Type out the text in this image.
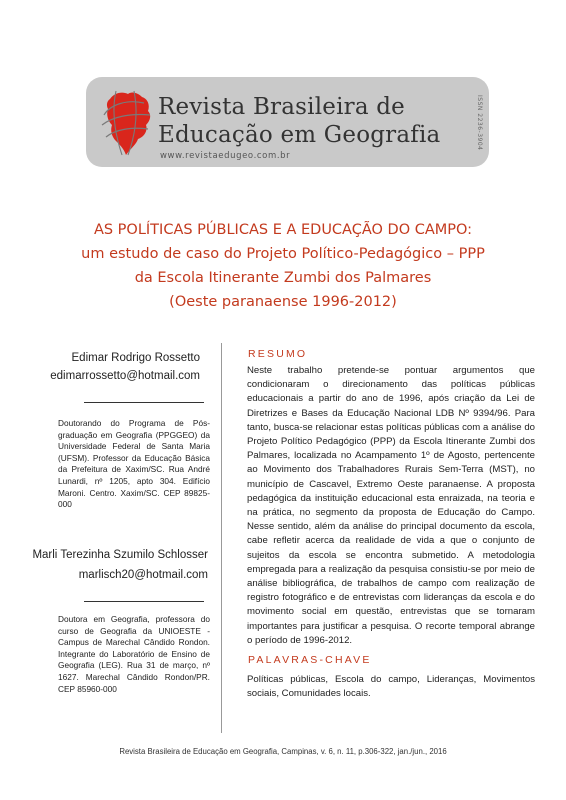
Revista Brasileira de Educação em Geografia
www.revistaedugeo.com.br
ISSN 2236-3904
AS POLÍTICAS PÚBLICAS E A EDUCAÇÃO DO CAMPO:
um estudo de caso do Projeto Político-Pedagógico – PPP
da Escola Itinerante Zumbi dos Palmares
(Oeste paranaense 1996-2012)
Edimar Rodrigo Rossetto
edimarrossetto@hotmail.com
Doutorando do Programa de Pós-graduação em Geografia (PPGGEO) da Universidade Federal de Santa Maria (UFSM). Professor da Educação Básica da Prefeitura de Xaxim/SC. Rua André Lunardi, nº 1205, apto 304. Edifício Maroni. Centro. Xaxim/SC. CEP 89825-000
Marli Terezinha Szumilo Schlosser
marlisch20@hotmail.com
Doutora em Geografia, professora do curso de Geografia da UNIOESTE - Campus de Marechal Cândido Rondon. Integrante do Laboratório de Ensino de Geografia (LEG). Rua 31 de março, nº 1627. Marechal Cândido Rondon/PR. CEP 85960-000
RESUMO
Neste trabalho pretende-se pontuar argumentos que condicionaram o direcionamento das políticas públicas educacionais a partir do ano de 1996, após criação da Lei de Diretrizes e Bases da Educação Nacional LDB Nº 9394/96. Para tanto, busca-se relacionar estas políticas públicas com a análise do Projeto Político Pedagógico (PPP) da Escola Itinerante Zumbi dos Palmares, localizada no Acampamento 1º de Agosto, pertencente ao Movimento dos Trabalhadores Rurais Sem-Terra (MST), no município de Cascavel, Extremo Oeste paranaense. A proposta pedagógica da instituição educacional esta enraizada, na teoria e na prática, no segmento da proposta de Educação do Campo. Nesse sentido, além da análise do principal documento da escola, cabe refletir acerca da realidade de vida a que o conjunto de sujeitos da escola se encontra submetido. A metodologia empregada para a realização da pesquisa consistiu-se por meio de análise bibliográfica, de trabalhos de campo com realização de registro fotográfico e de entrevistas com lideranças da escola e do movimento social em questão, entrevistas que se tornaram importantes para justificar a pesquisa. O recorte temporal abrange o período de 1996-2012.
PALAVRAS-CHAVE
Políticas públicas, Escola do campo, Lideranças, Movimentos sociais, Comunidades locais.
Revista Brasileira de Educação em Geografia, Campinas, v. 6, n. 11, p.306-322, jan./jun., 2016
